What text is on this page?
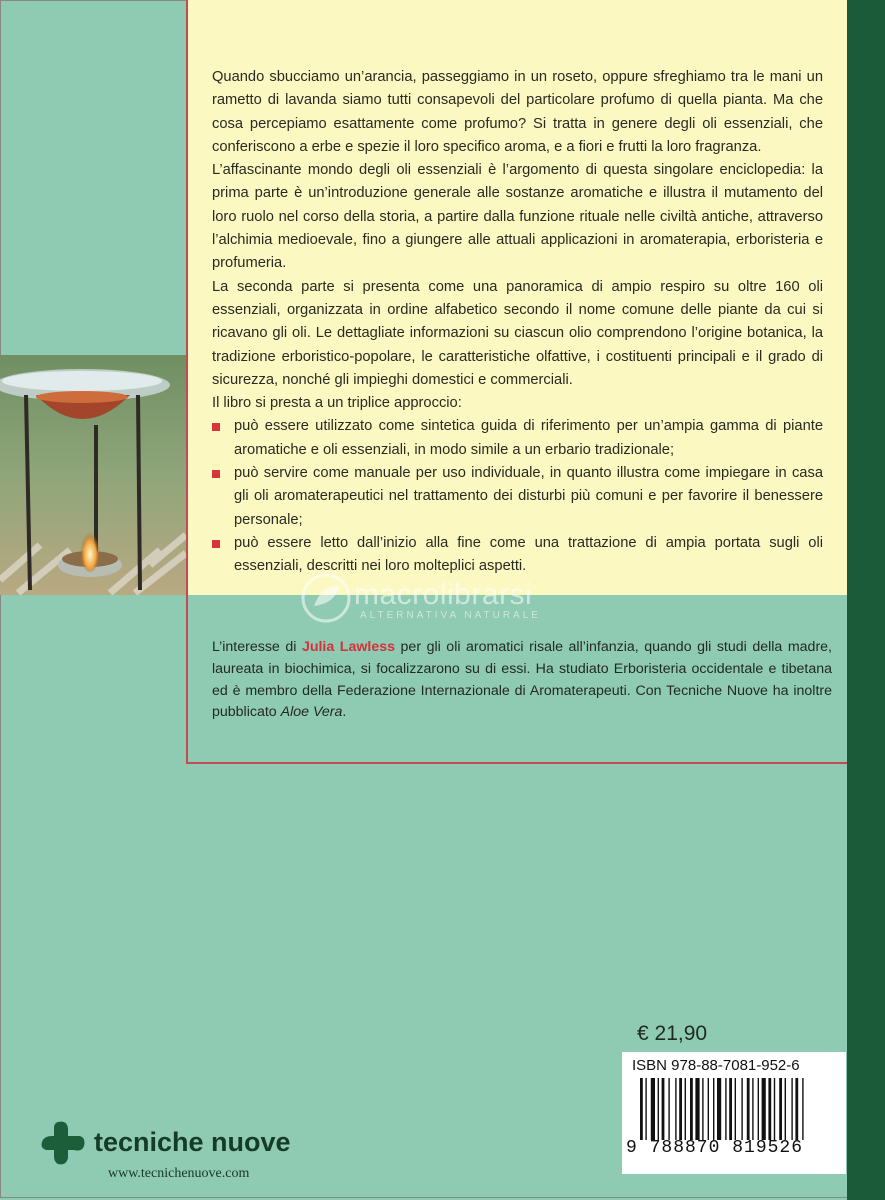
Quando sbucciamo un’arancia, passeggiamo in un roseto, oppure sfreghiamo tra le mani un rametto di lavanda siamo tutti consapevoli del particolare profumo di quella pianta. Ma che cosa percepiamo esattamente come profumo? Si tratta in genere degli oli essenziali, che conferiscono a erbe e spezie il loro specifico aroma, e a fiori e frutti la loro fragranza.

L’affascinante mondo degli oli essenziali è l’argomento di questa singolare enciclopedia: la prima parte è un’introduzione generale alle sostanze aromatiche e illustra il mutamento del loro ruolo nel corso della storia, a partire dalla funzione rituale nelle civiltà antiche, attraverso l’alchimia medioevale, fino a giungere alle attuali applicazioni in aromaterapia, erboristeria e profumeria.

La seconda parte si presenta come una panoramica di ampio respiro su oltre 160 oli essenziali, organizzata in ordine alfabetico secondo il nome comune delle piante da cui si ricavano gli oli. Le dettagliate informazioni su ciascun olio comprendono l’origine botanica, la tradizione erboristico-popolare, le caratteristiche olfattive, i costituenti principali e il grado di sicurezza, nonché gli impieghi domestici e commerciali.

Il libro si presta a un triplice approccio:

può essere utilizzato come sintetica guida di riferimento per un’ampia gamma di piante aromatiche e oli essenziali, in modo simile a un erbario tradizionale;

può servire come manuale per uso individuale, in quanto illustra come impiegare in casa gli oli aromaterapeutici nel trattamento dei disturbi più comuni e per favorire il benessere personale;

può essere letto dall’inizio alla fine come una trattazione di ampia portata sugli oli essenziali, descritti nei loro molteplici aspetti.

macrolibrarsi
ALTERNATIVA NATURALE
L’interesse di Julia Lawless per gli oli aromatici risale all’infanzia, quando gli studi della madre, laureata in biochimica, si focalizzarono su di essi. Ha studiato Erboristeria occidentale e tibetana ed è membro della Federazione Internazionale di Aromaterapeuti. Con Tecniche Nuove ha inoltre pubblicato Aloe Vera.
€ 21,90
ISBN 978-88-7081-952-6
9 788870 819526
tecniche nuove
www.tecnichenuove.com
